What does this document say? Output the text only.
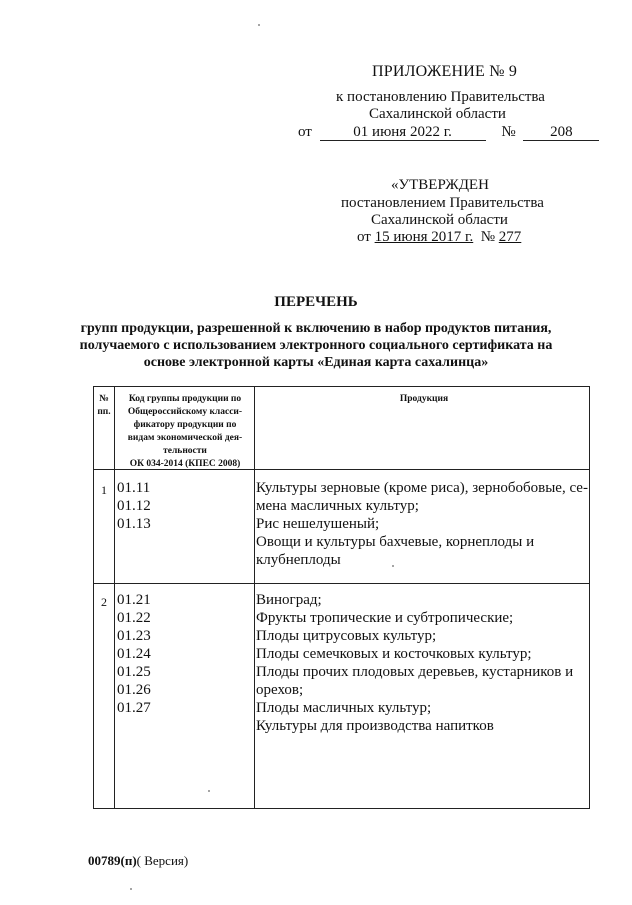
ПРИЛОЖЕНИЕ № 9
к постановлению Правительства
Сахалинской области
от	01 июня 2022 г.	№ 208
«УТВЕРЖДЕН
постановлением Правительства
Сахалинской области
от 15 июня 2017 г. № 277
ПЕРЕЧЕНЬ
групп продукции, разрешенной к включению в набор продуктов питания,
получаемого с использованием электронного социального сертификата на
основе электронной карты «Единая карта сахалинца»
№
пп.
Код группы продукции по
Общероссийскому класси-
фикатору продукции по
видам экономической дея-
тельности
ОК 034-2014 (КПЕС 2008)
Продукция
1 01.11
01.12
01.13
Культуры зерновые (кроме риса), зернобобовые, се-
мена масличных культур;
Рис нешелушеный;
Овощи и культуры бахчевые, корнеплоды и
клубнеплоды
2 01.21
01.22
01.23
01.24
01.25
01.26
01.27
Виноград;
Фрукты тропические и субтропические;
Плоды цитрусовых культур;
Плоды семечковых и косточковых культур;
Плоды прочих плодовых деревьев, кустарников и
орехов;
Плоды масличных культур;
Культуры для производства напитков
00789(п)( Версия)
